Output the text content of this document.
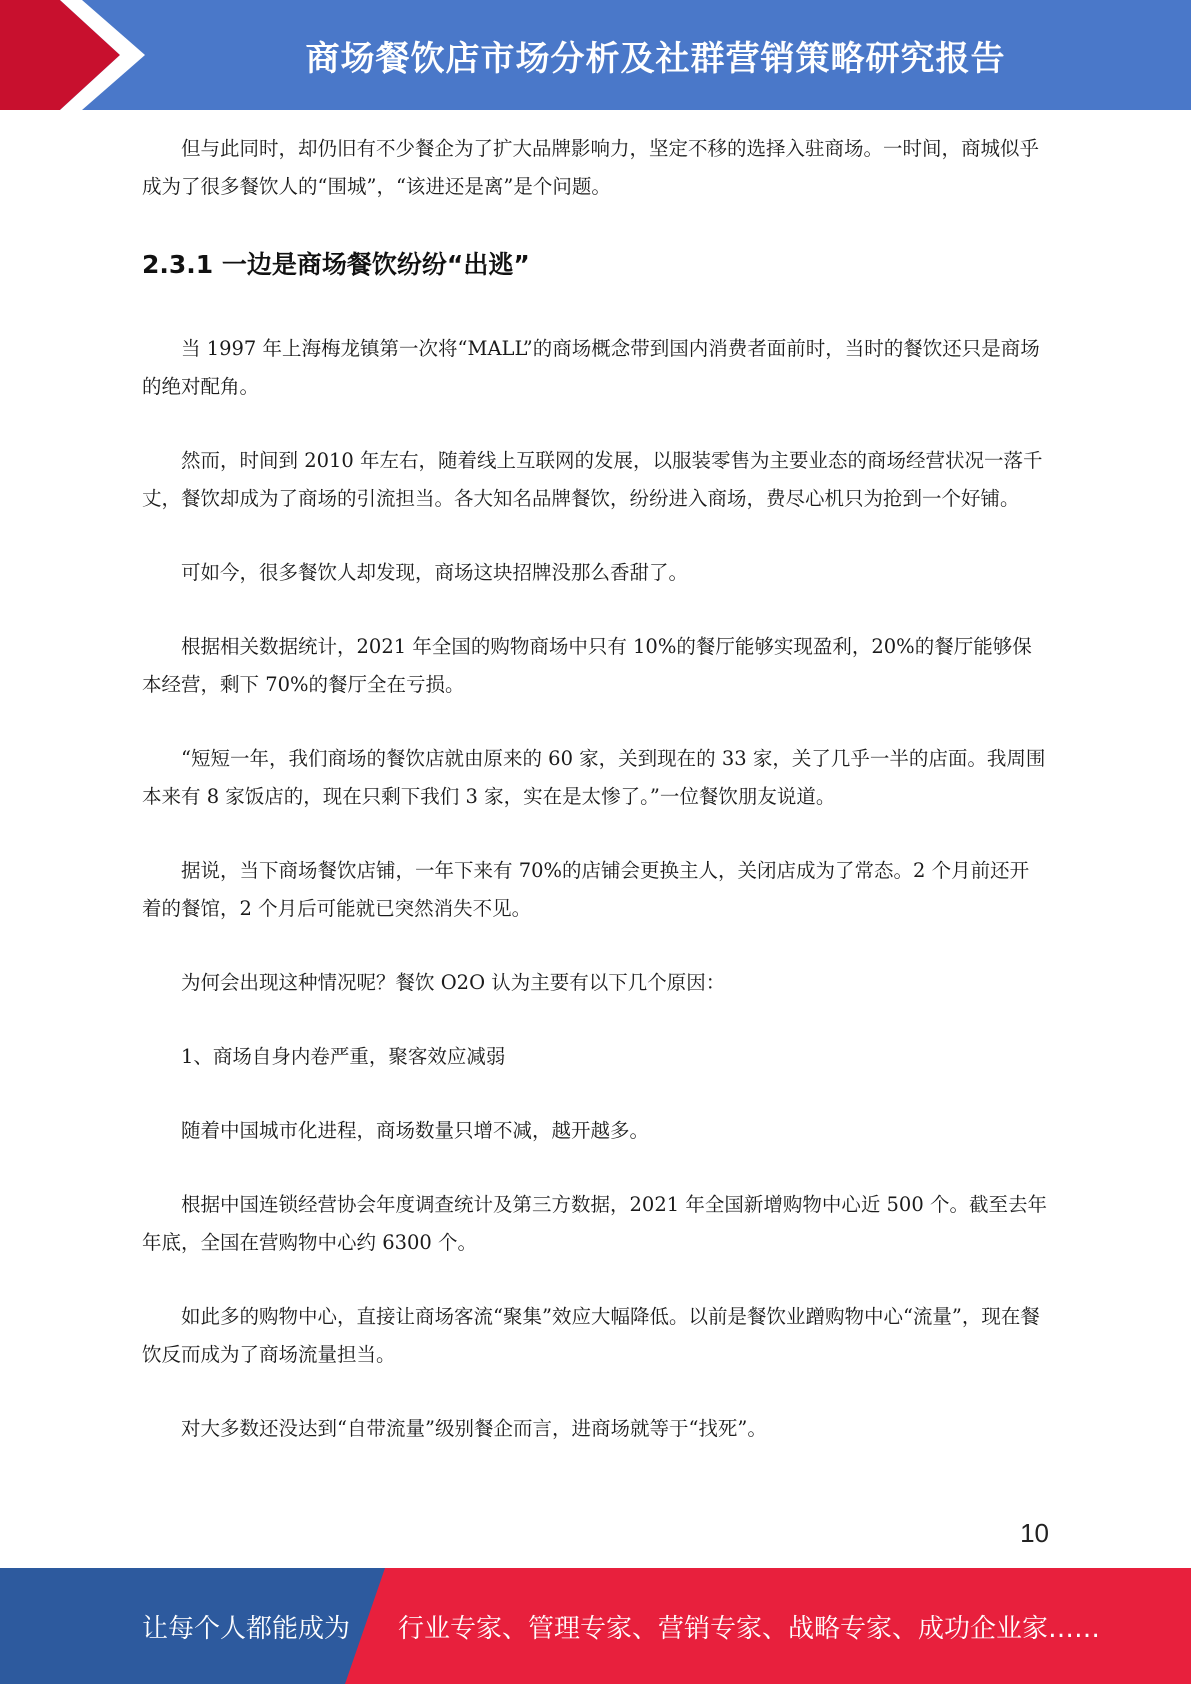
商场餐饮店市场分析及社群营销策略研究报告

但与此同时，却仍旧有不少餐企为了扩大品牌影响力，坚定不移的选择入驻商场。一时间，商城似乎成为了很多餐饮人的“围城”，“该进还是离”是个问题。

2.3.1 一边是商场餐饮纷纷“出逃”

当 1997 年上海梅龙镇第一次将“MALL”的商场概念带到国内消费者面前时，当时的餐饮还只是商场的绝对配角。

然而，时间到 2010 年左右，随着线上互联网的发展，以服装零售为主要业态的商场经营状况一落千丈，餐饮却成为了商场的引流担当。各大知名品牌餐饮，纷纷进入商场，费尽心机只为抢到一个好铺。

可如今，很多餐饮人却发现，商场这块招牌没那么香甜了。

根据相关数据统计，2021 年全国的购物商场中只有 10%的餐厅能够实现盈利，20%的餐厅能够保本经营，剩下 70%的餐厅全在亏损。

“短短一年，我们商场的餐饮店就由原来的 60 家，关到现在的 33 家，关了几乎一半的店面。我周围本来有 8 家饭店的，现在只剩下我们 3 家，实在是太惨了。”一位餐饮朋友说道。

据说，当下商场餐饮店铺，一年下来有 70%的店铺会更换主人，关闭店成为了常态。2 个月前还开着的餐馆，2 个月后可能就已突然消失不见。

为何会出现这种情况呢？餐饮 O2O 认为主要有以下几个原因：

1、商场自身内卷严重，聚客效应减弱

随着中国城市化进程，商场数量只增不减，越开越多。

根据中国连锁经营协会年度调查统计及第三方数据，2021 年全国新增购物中心近 500 个。截至去年年底，全国在营购物中心约 6300 个。

如此多的购物中心，直接让商场客流“聚集”效应大幅降低。以前是餐饮业蹭购物中心“流量”，现在餐饮反而成为了商场流量担当。

对大多数还没达到“自带流量”级别餐企而言，进商场就等于“找死”。

10
让每个人都能成为 行业专家、管理专家、营销专家、战略专家、成功企业家……
